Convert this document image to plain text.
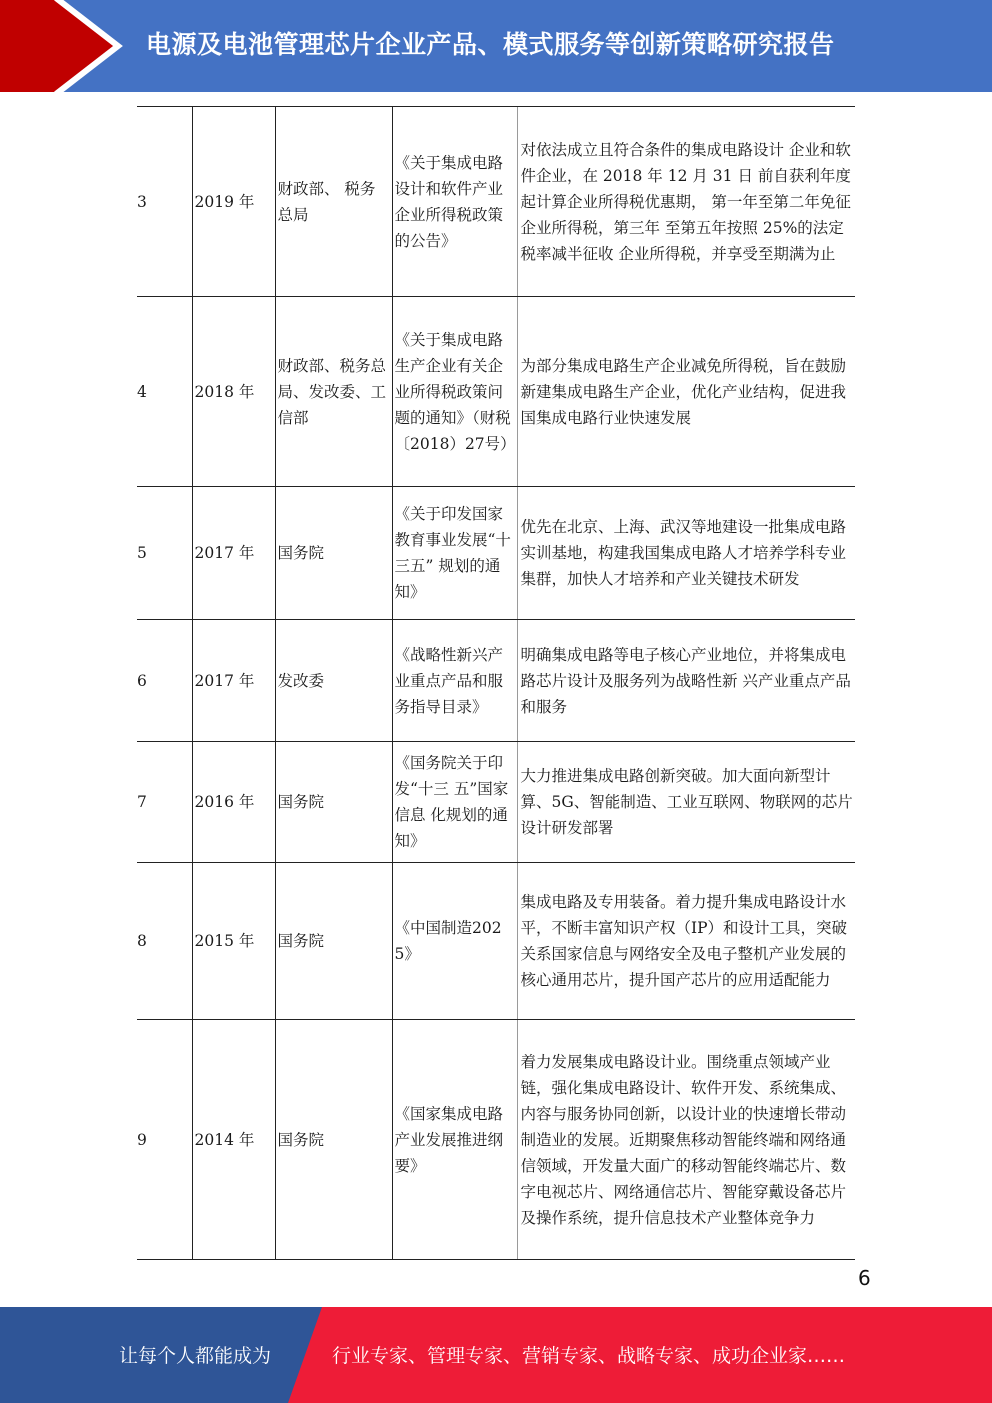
电源及电池管理芯片企业产品、模式服务等创新策略研究报告
3	2019 年	财政部、 税务总局	《关于集成电路设计和软件产业企业所得税政策的公告》	对依法成立且符合条件的集成电路设计 企业和软件企业，在 2018 年 12 月 31 日 前自获利年度起计算企业所得税优惠期， 第一年至第二年免征企业所得税，第三年 至第五年按照 25%的法定税率减半征收 企业所得税，并享受至期满为止
4	2018 年	财政部、税务总局、发改委、工信部	《关于集成电路生产企业有关企业所得税政策问题的通知》（财税〔2018）27号）	为部分集成电路生产企业减免所得税，旨在鼓励新建集成电路生产企业，优化产业结构，促进我国集成电路行业快速发展
5	2017 年	国务院	《关于印发国家教育事业发展“十三五” 规划的通知》	优先在北京、上海、武汉等地建设一批集成电路实训基地，构建我国集成电路人才培养学科专业集群，加快人才培养和产业关键技术研发
6	2017 年	发改委	《战略性新兴产业重点产品和服务指导目录》	明确集成电路等电子核心产业地位，并将集成电路芯片设计及服务列为战略性新 兴产业重点产品和服务
7	2016 年	国务院	《国务院关于印发“十三 五”国家信息 化规划的通 知》	大力推进集成电路创新突破。加大面向新型计算、5G、智能制造、工业互联网、物联网的芯片设计研发部署
8	2015 年	国务院	《中国制造2025》	集成电路及专用装备。着力提升集成电路设计水平，不断丰富知识产权（IP）和设计工具，突破关系国家信息与网络安全及电子整机产业发展的核心通用芯片，提升国产芯片的应用适配能力
9	2014 年	国务院	《国家集成电路产业发展推进纲要》	着力发展集成电路设计业。围绕重点领域产业链，强化集成电路设计、软件开发、系统集成、内容与服务协同创新，以设计业的快速增长带动制造业的发展。近期聚焦移动智能终端和网络通信领域，开发量大面广的移动智能终端芯片、数字电视芯片、网络通信芯片、智能穿戴设备芯片及操作系统，提升信息技术产业整体竞争力
6
让每个人都能成为	行业专家、管理专家、营销专家、战略专家、成功企业家……
